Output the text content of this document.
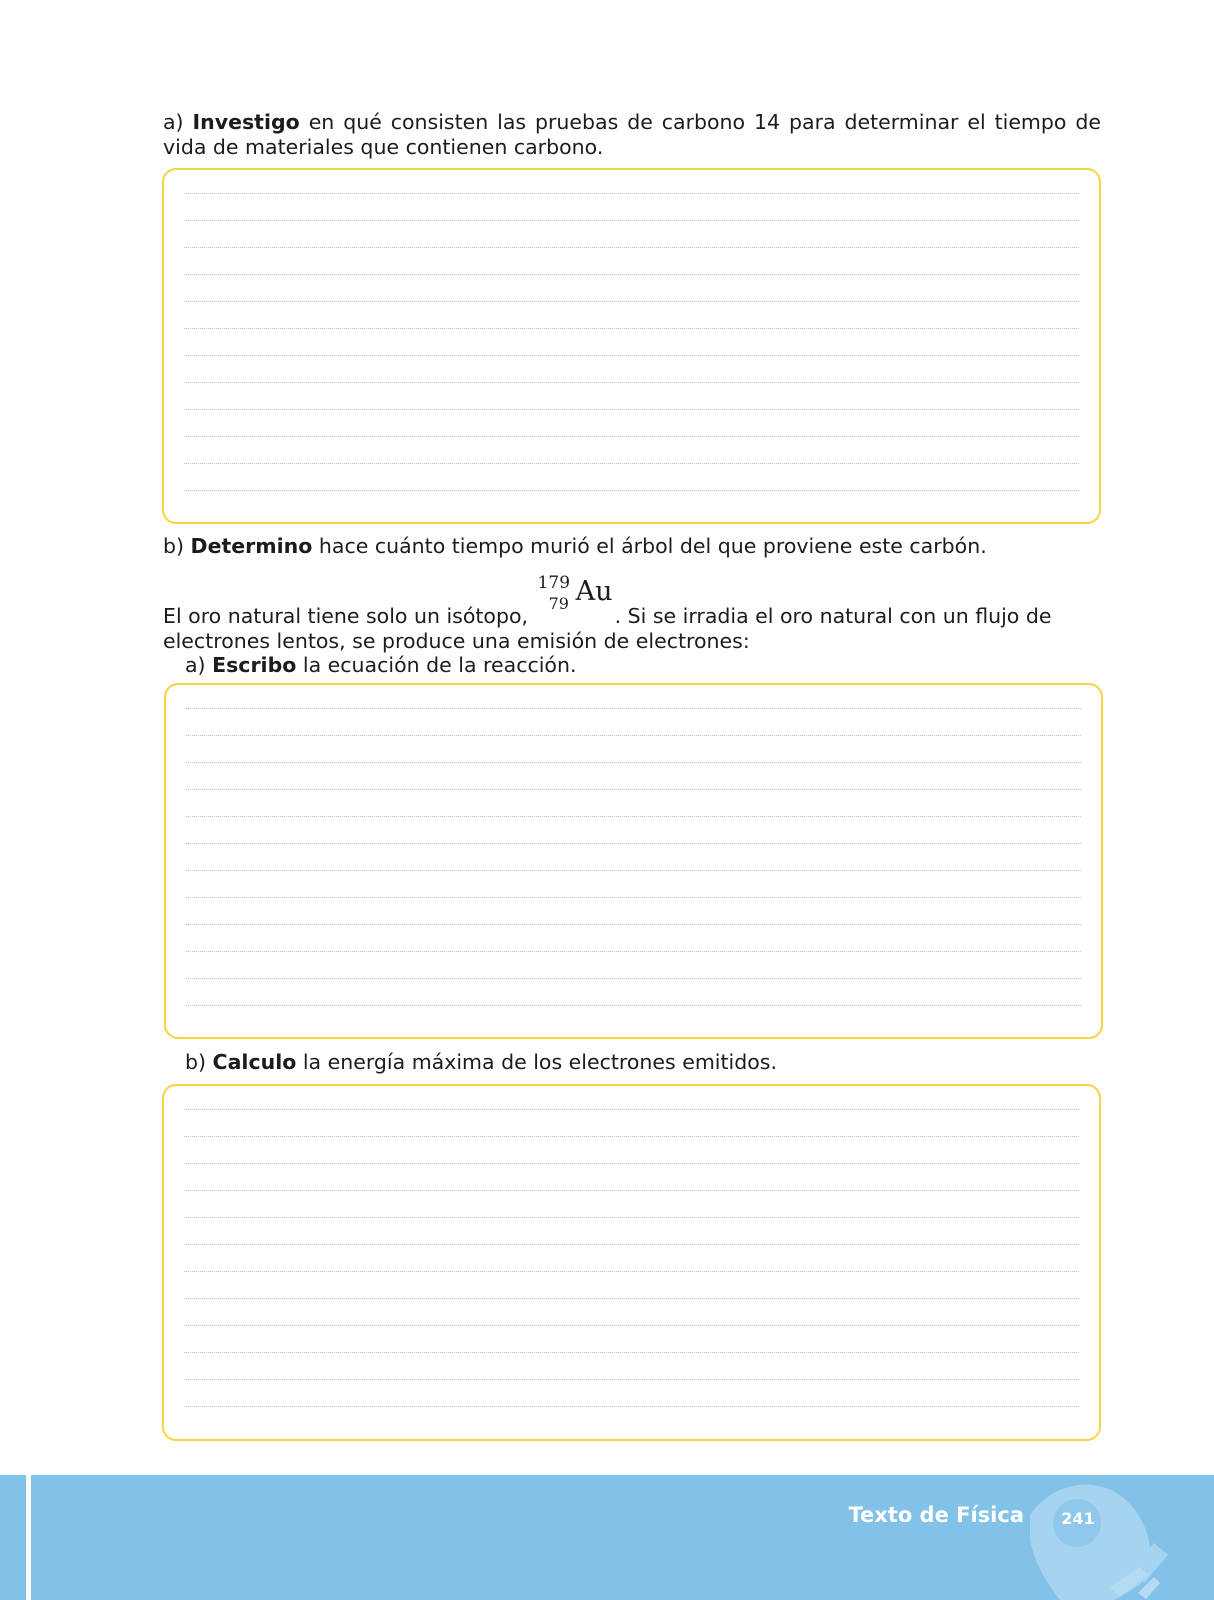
a) Investigo en qué consisten las pruebas de carbono 14 para determinar el tiempo de vida de materiales que contienen carbono.

b) Determino hace cuánto tiempo murió el árbol del que proviene este carbón.

El oro natural tiene solo un isótopo,
179
79 Au
. Si se irradia el oro natural con un flujo de electrones lentos, se produce una emisión de electrones:

a) Escribo la ecuación de la reacción.

b) Calculo la energía máxima de los electrones emitidos.

Texto de Física 241
